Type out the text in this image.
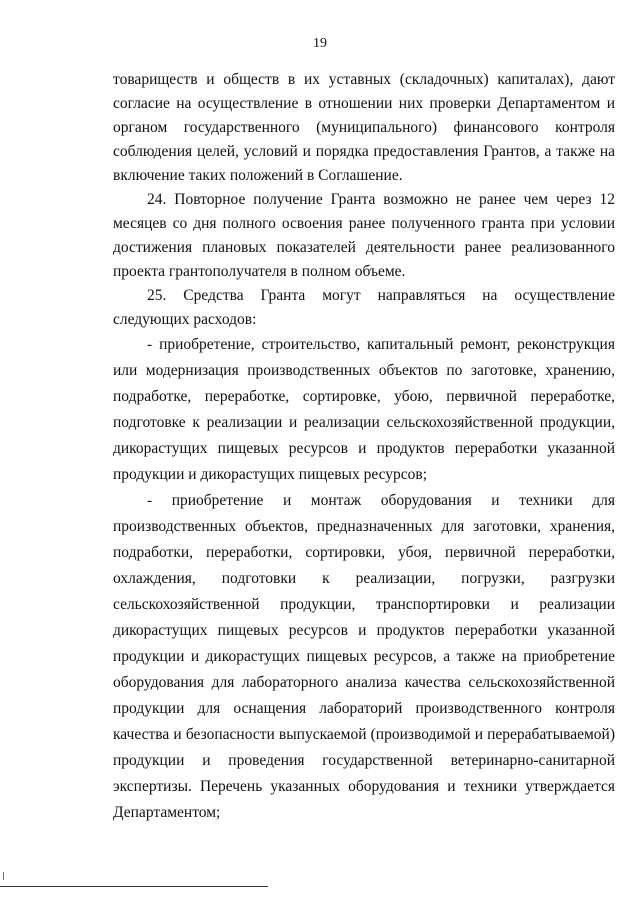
19

товариществ и обществ в их уставных (складочных) капиталах), дают согласие на осуществление в отношении них проверки Департаментом и органом государственного (муниципального) финансового контроля соблюдения целей, условий и порядка предоставления Грантов, а также на включение таких положений в Соглашение.

24. Повторное получение Гранта возможно не ранее чем через 12 месяцев со дня полного освоения ранее полученного гранта при условии достижения плановых показателей деятельности ранее реализованного проекта грантополучателя в полном объеме.

25. Средства Гранта могут направляться на осуществление следующих расходов:

- приобретение, строительство, капитальный ремонт, реконструкция или модернизация производственных объектов по заготовке, хранению, подработке, переработке, сортировке, убою, первичной переработке, подготовке к реализации и реализации сельскохозяйственной продукции, дикорастущих пищевых ресурсов и продуктов переработки указанной продукции и дикорастущих пищевых ресурсов;

- приобретение и монтаж оборудования и техники для производственных объектов, предназначенных для заготовки, хранения, подработки, переработки, сортировки, убоя, первичной переработки, охлаждения, подготовки к реализации, погрузки, разгрузки сельскохозяйственной продукции, транспортировки и реализации дикорастущих пищевых ресурсов и продуктов переработки указанной продукции и дикорастущих пищевых ресурсов, а также на приобретение оборудования для лабораторного анализа качества сельскохозяйственной продукции для оснащения лабораторий производственного контроля качества и безопасности выпускаемой (производимой и перерабатываемой) продукции и проведения государственной ветеринарно-санитарной экспертизы. Перечень указанных оборудования и техники утверждается Департаментом;
